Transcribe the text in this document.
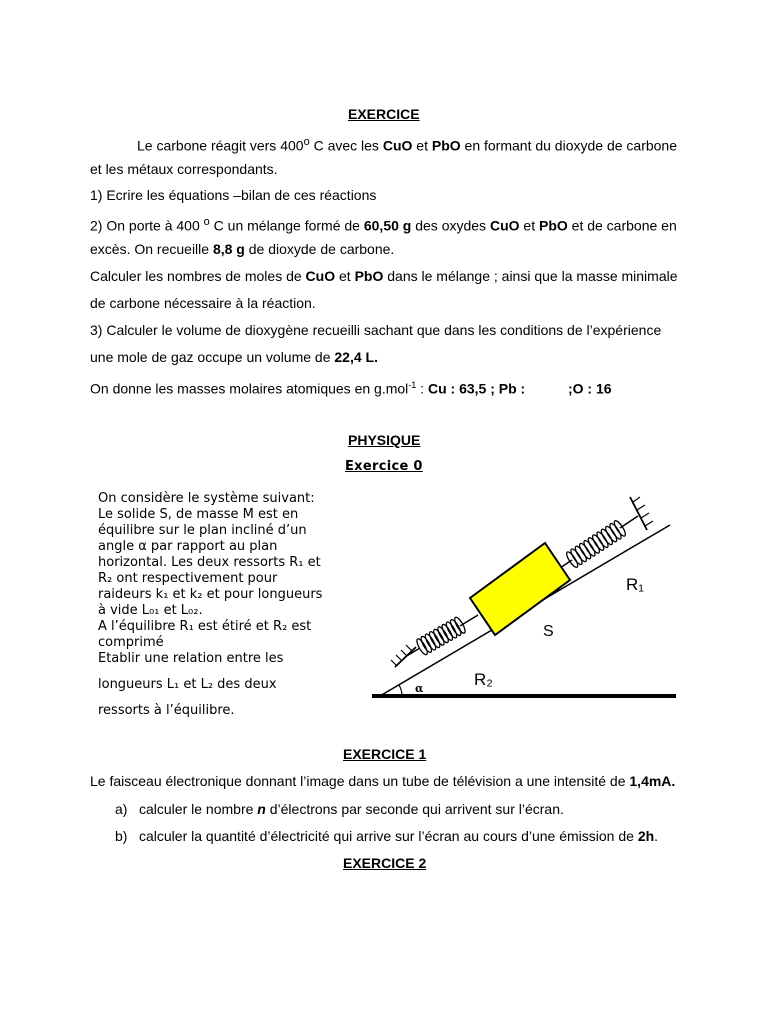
EXERCICE
Le carbone réagit vers 400$^o$ C avec les CuO et PbO en formant du dioxyde de carbone
et les métaux correspondants.
1) Ecrire les équations –bilan de ces réactions
2) On porte à 400 $^o$ C un mélange formé de 60,50 g des oxydes CuO et PbO et de carbone en
excès. On recueille 8,8 g de dioxyde de carbone.
Calculer les nombres de moles de CuO et PbO dans le mélange ; ainsi que la masse minimale
de carbone nécessaire à la réaction.
3) Calculer le volume de dioxygène recueilli sachant que dans les conditions de l’expérience
une mole de gaz occupe un volume de 22,4 L.
On donne les masses molaires atomiques en g.mol$^{-1}$ : Cu : 63,5 ; Pb :           ;O : 16
PHYSIQUE
Exercice 0
On considère le système suivant:
Le solide S, de masse M est en
équilibre sur le plan incliné d’un
angle α par rapport au plan
horizontal. Les deux ressorts R₁ et
R₂ ont respectivement pour
raideurs k₁ et k₂ et pour longueurs
à vide L₀₁ et L₀₂.
A l’équilibre R₁ est étiré et R₂ est
comprimé
Etablir une relation entre les
longueurs L₁ et L₂ des deux
ressorts à l’équilibre.
R₁
S
R₂
α
EXERCICE 1
Le faisceau électronique donnant l’image dans un tube de télévision a une intensité de 1,4mA.
a) calculer le nombre n d’électrons par seconde qui arrivent sur l’écran.
b) calculer la quantité d’électricité qui arrive sur l’écran au cours d’une émission de 2h.
EXERCICE 2
